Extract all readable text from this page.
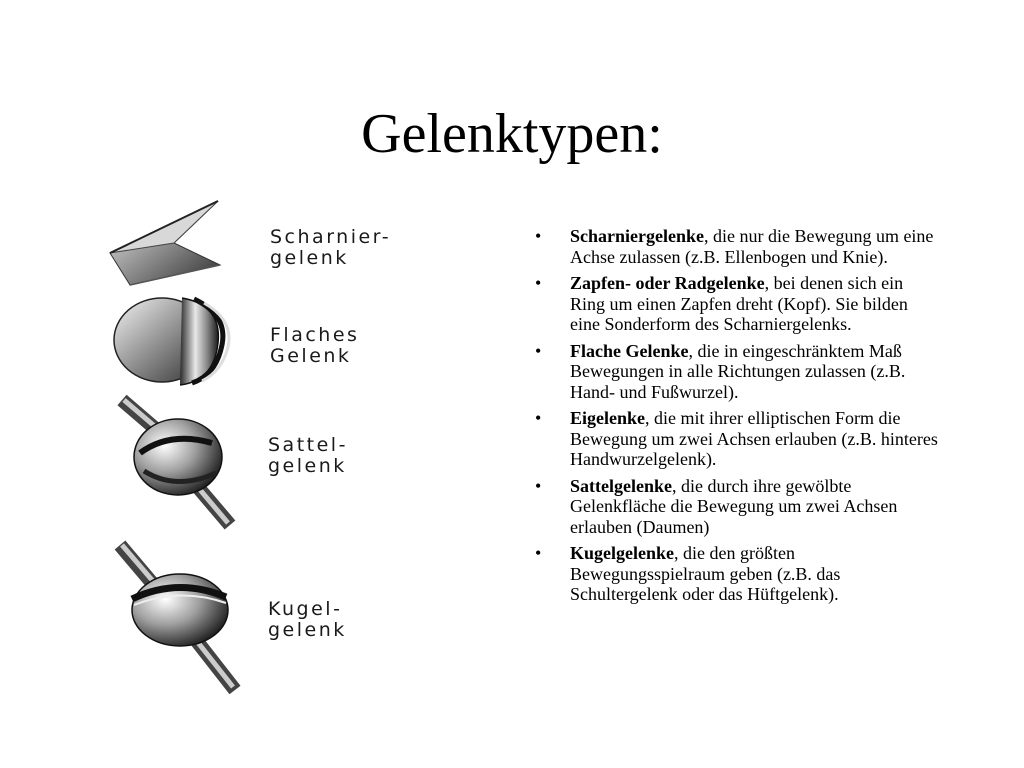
Gelenktypen:
Scharnier-
gelenk
Flaches
Gelenk
Sattel-
gelenk
Kugel-
gelenk
• Scharniergelenke, die nur die Bewegung um eine Achse zulassen (z.B. Ellenbogen und Knie).
• Zapfen- oder Radgelenke, bei denen sich ein Ring um einen Zapfen dreht (Kopf). Sie bilden eine Sonderform des Scharniergelenks.
• Flache Gelenke, die in eingeschränktem Maß Bewegungen in alle Richtungen zulassen (z.B. Hand- und Fußwurzel).
• Eigelenke, die mit ihrer elliptischen Form die Bewegung um zwei Achsen erlauben (z.B. hinteres Handwurzelgelenk).
• Sattelgelenke, die durch ihre gewölbte Gelenkfläche die Bewegung um zwei Achsen erlauben (Daumen)
• Kugelgelenke, die den größten Bewegungsspielraum geben (z.B. das Schultergelenk oder das Hüftgelenk).
